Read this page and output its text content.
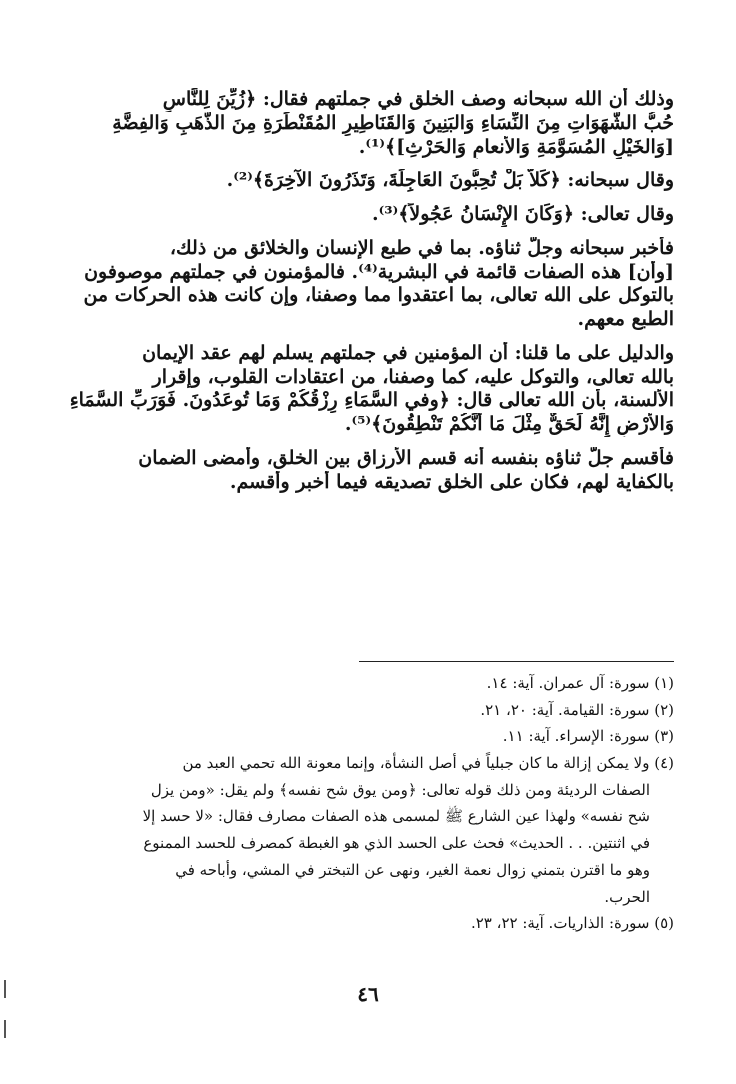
وذلك أن الله سبحانه وصف الخلق في جملتهم فقال: ﴿زُيِّنَ لِلنَّاسِ
حُبُّ الشَّهَوَاتِ مِنَ النِّسَاءِ وَالبَنِينَ وَالقَنَاطِيرِ المُقَنْطَرَةِ مِنَ الذَّهَبِ وَالفِضَّةِ
[وَالخَيْلِ المُسَوَّمَةِ وَالأنعامِ وَالحَرْثِ]﴾⁽¹⁾.
وقال سبحانه: ﴿كَلاَّ بَلْ تُحِبُّونَ العَاجِلَةَ، وَتَذَرُونَ الآخِرَةَ﴾⁽²⁾.
وقال تعالى: ﴿وَكَانَ الإِنْسَانُ عَجُولاً﴾⁽³⁾.
فأخبر سبحانه وجلّ ثناؤه. بما في طبع الإنسان والخلائق من ذلك،
[وأن] هذه الصفات قائمة في البشرية⁽⁴⁾. فالمؤمنون في جملتهم موصوفون
بالتوكل على الله تعالى، بما اعتقدوا مما وصفنا، وإن كانت هذه الحركات من
الطبع معهم.
والدليل على ما قلنا: أن المؤمنين في جملتهم يسلم لهم عقد الإيمان
بالله تعالى، والتوكل عليه، كما وصفنا، من اعتقادات القلوب، وإقرار
الألسنة، بأن الله تعالى قال: ﴿وفي السَّمَاءِ رِزْقُكُمْ وَمَا تُوعَدُونَ. فَوَرَبِّ السَّمَاءِ
وَالأَرْضِ إِنَّهُ لَحَقٌّ مِثْلَ مَا أَنَّكُمْ تَنْطِقُونَ﴾⁽⁵⁾.
فأقسم جلّ ثناؤه بنفسه أنه قسم الأرزاق بين الخلق، وأمضى الضمان
بالكفاية لهم، فكان على الخلق تصديقه فيما أخبر وأقسم.
(١) سورة: آل عمران. آية: ١٤.
(٢) سورة: القيامة. آية: ٢٠، ٢١.
(٣) سورة: الإسراء. آية: ١١.
(٤) ولا يمكن إزالة ما كان جبلياً في أصل النشأة، وإنما معونة الله تحمي العبد من
الصفات الرديئة ومن ذلك قوله تعالى: ﴿ومن يوق شح نفسه﴾ ولم يقل: «ومن يزل
شح نفسه» ولهذا عين الشارع ﷺ لمسمى هذه الصفات مصارف فقال: «لا حسد إلا
في اثنتين. . . الحديث» فحث على الحسد الذي هو الغبطة كمصرف للحسد الممنوع
وهو ما اقترن بتمني زوال نعمة الغير، ونهى عن التبختر في المشي، وأباحه في
الحرب.
(٥) سورة: الذاريات. آية: ٢٢، ٢٣.
٤٦
